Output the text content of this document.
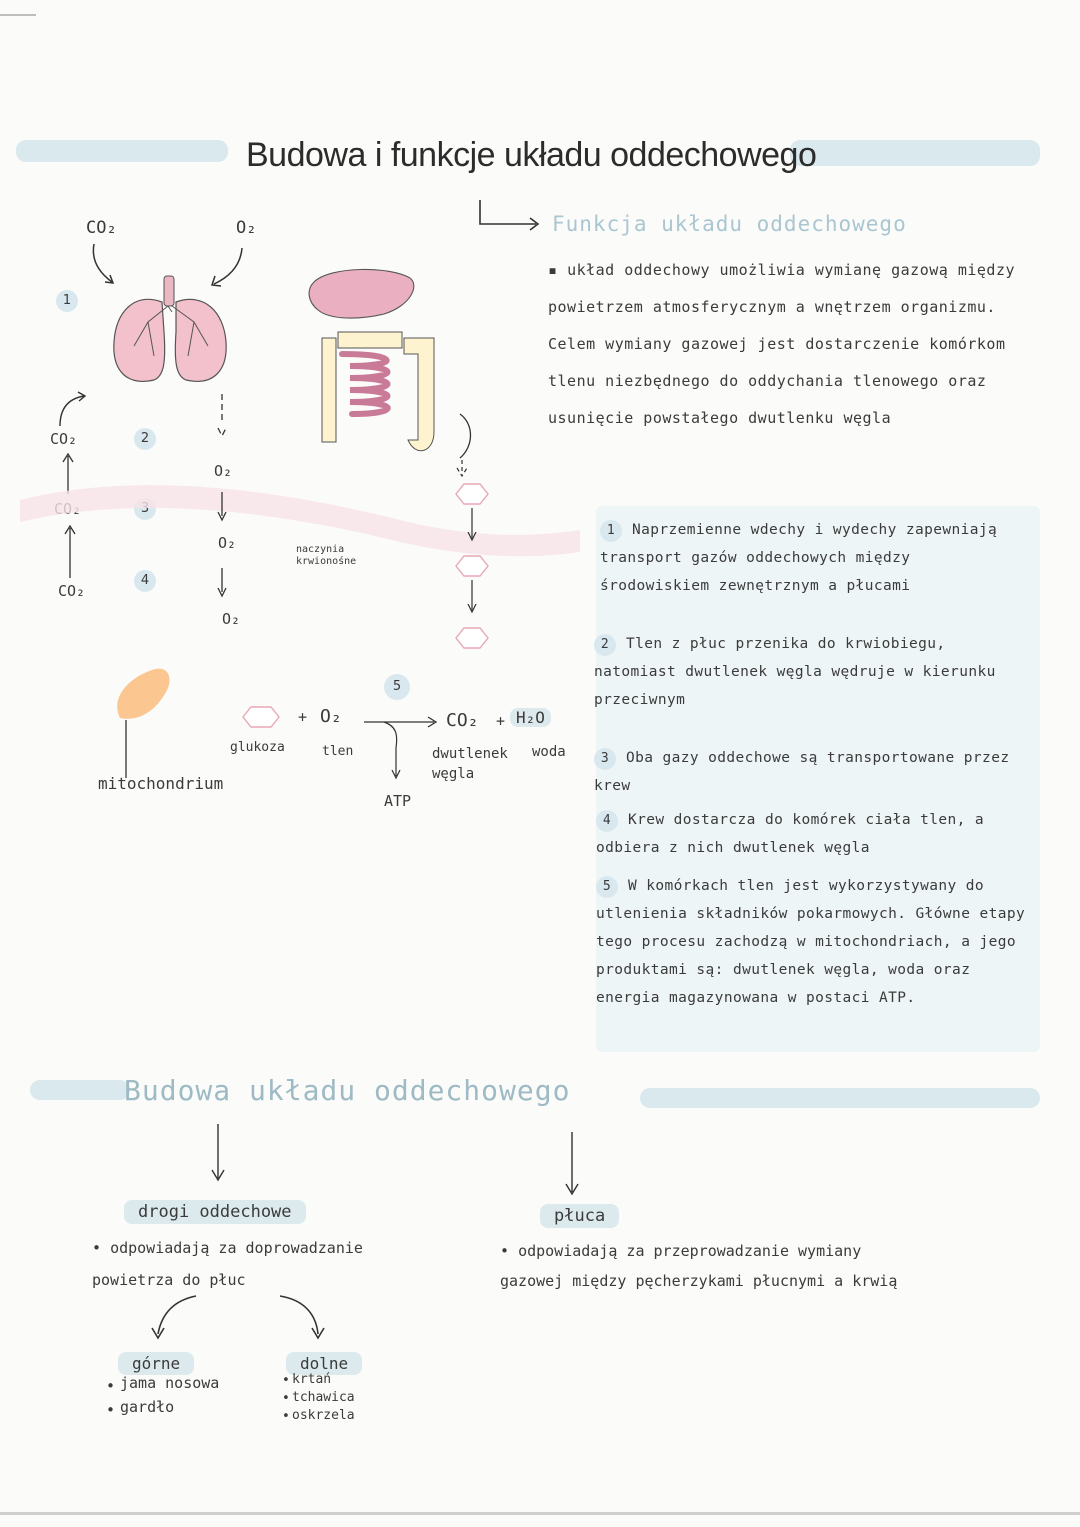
Budowa i funkcje układu oddechowego
Funkcja układu oddechowego
▪ układ oddechowy umożliwia wymianę gazową między powietrzem atmosferycznym a wnętrzem organizmu. Celem wymiany gazowej jest dostarczenie komórkom tlenu niezbędnego do oddychania tlenowego oraz usunięcie powstałego dwutlenku węgla
CO₂	O₂
1
CO₂
CO₂
2
3
4
O₂
O₂
O₂
naczynia krwionośne
mitochondrium
+ O₂
5
CO₂ + H₂O
glukoza	tlen	dwutlenek węgla
woda
ATP
1 Naprzemienne wdechy i wydechy zapewniają transport gazów oddechowych między środowiskiem zewnętrznym a płucami
2 Tlen z płuc przenika do krwiobiegu, natomiast dwutlenek węgla wędruje w kierunku przeciwnym
3 Oba gazy oddechowe są transportowane przez krew
4 Krew dostarcza do komórek ciała tlen, a odbiera z nich dwutlenek węgla
5 W komórkach tlen jest wykorzystywany do utlenienia składników pokarmowych. Główne etapy tego procesu zachodzą w mitochondriach, a jego produktami są: dwutlenek węgla, woda oraz energia magazynowana w postaci ATP.
Budowa układu oddechowego
drogi oddechowe
• odpowiadają za doprowadzanie powietrza do płuc
górne
jama nosowa
gardło
•
•
dolne
•
•
•
krtań
tchawica
oskrzela
płuca
• odpowiadają za przeprowadzanie wymiany gazowej między pęcherzykami płucnymi a krwią
